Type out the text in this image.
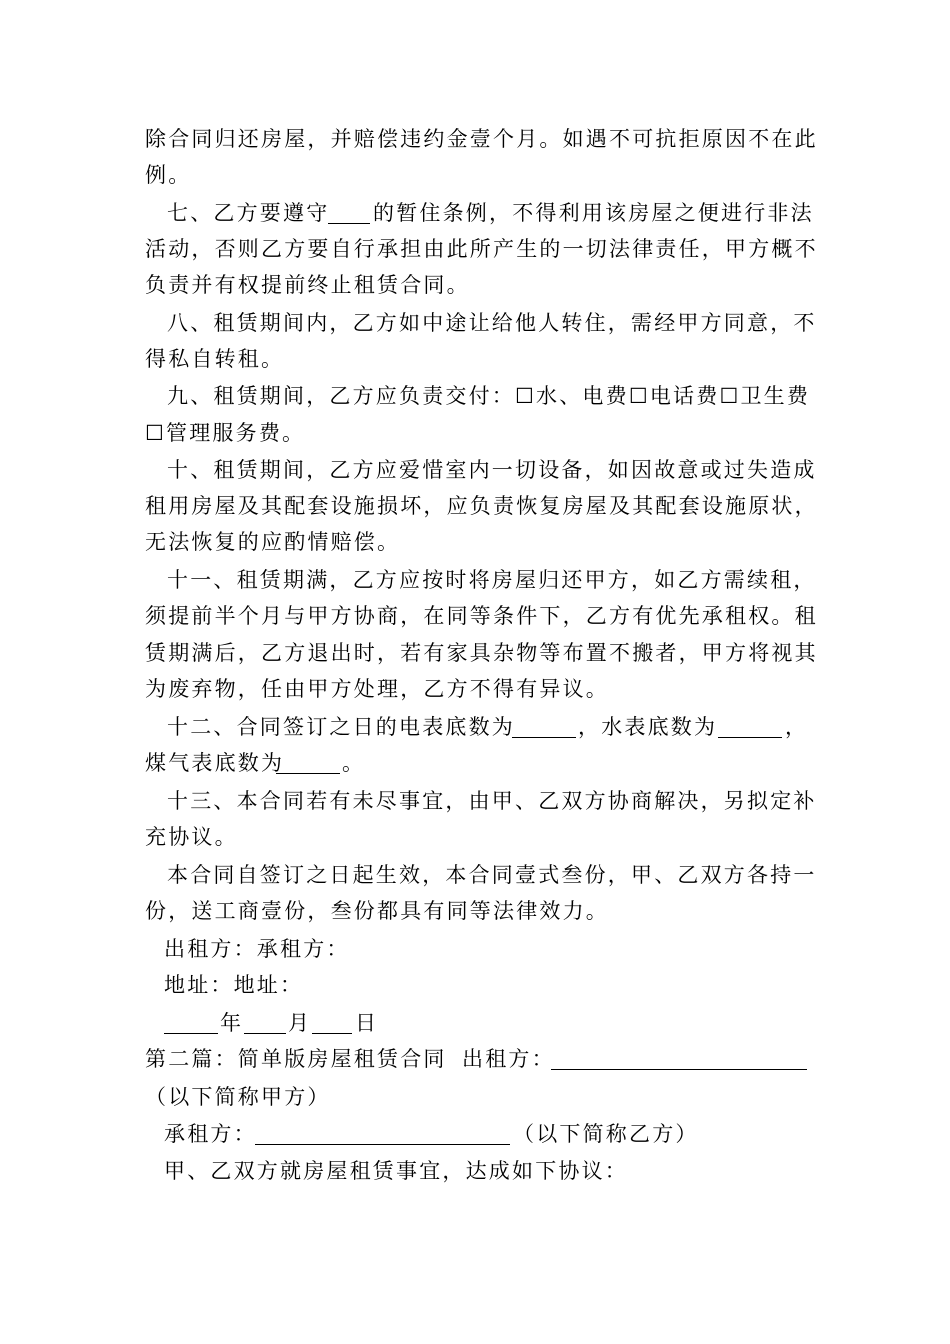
除合同归还房屋，并赔偿违约金壹个月。如遇不可抗拒原因不在此
例。
七、乙方要遵守 的暂住条例，不得利用该房屋之便进行非法
活动，否则乙方要自行承担由此所产生的一切法律责任，甲方概不
负责并有权提前终止租赁合同。
八、租赁期间内，乙方如中途让给他人转住，需经甲方同意，不
得私自转租。
九、租赁期间，乙方应负责交付：☐水、电费☐电话费☐卫生费
☐管理服务费。
十、租赁期间，乙方应爱惜室内一切设备，如因故意或过失造成
租用房屋及其配套设施损坏，应负责恢复房屋及其配套设施原状，
无法恢复的应酌情赔偿。
十一、租赁期满，乙方应按时将房屋归还甲方，如乙方需续租，
须提前半个月与甲方协商，在同等条件下，乙方有优先承租权。租
赁期满后，乙方退出时，若有家具杂物等布置不搬者，甲方将视其
为废弃物，任由甲方处理，乙方不得有异议。
十二、合同签订之日的电表底数为	，水表底数为	，
煤气表底数为	。
十三、本合同若有未尽事宜，由甲、乙双方协商解决，另拟定补
充协议。
本合同自签订之日起生效，本合同壹式叁份，甲、乙双方各持一
份，送工商壹份，叁份都具有同等法律效力。
出租方：承租方：
地址：地址：
年 月 日
第二篇：简单版房屋租赁合同 出租方：
（以下简称甲方）
承租方：	（以下简称乙方）
甲、乙双方就房屋租赁事宜，达成如下协议：
